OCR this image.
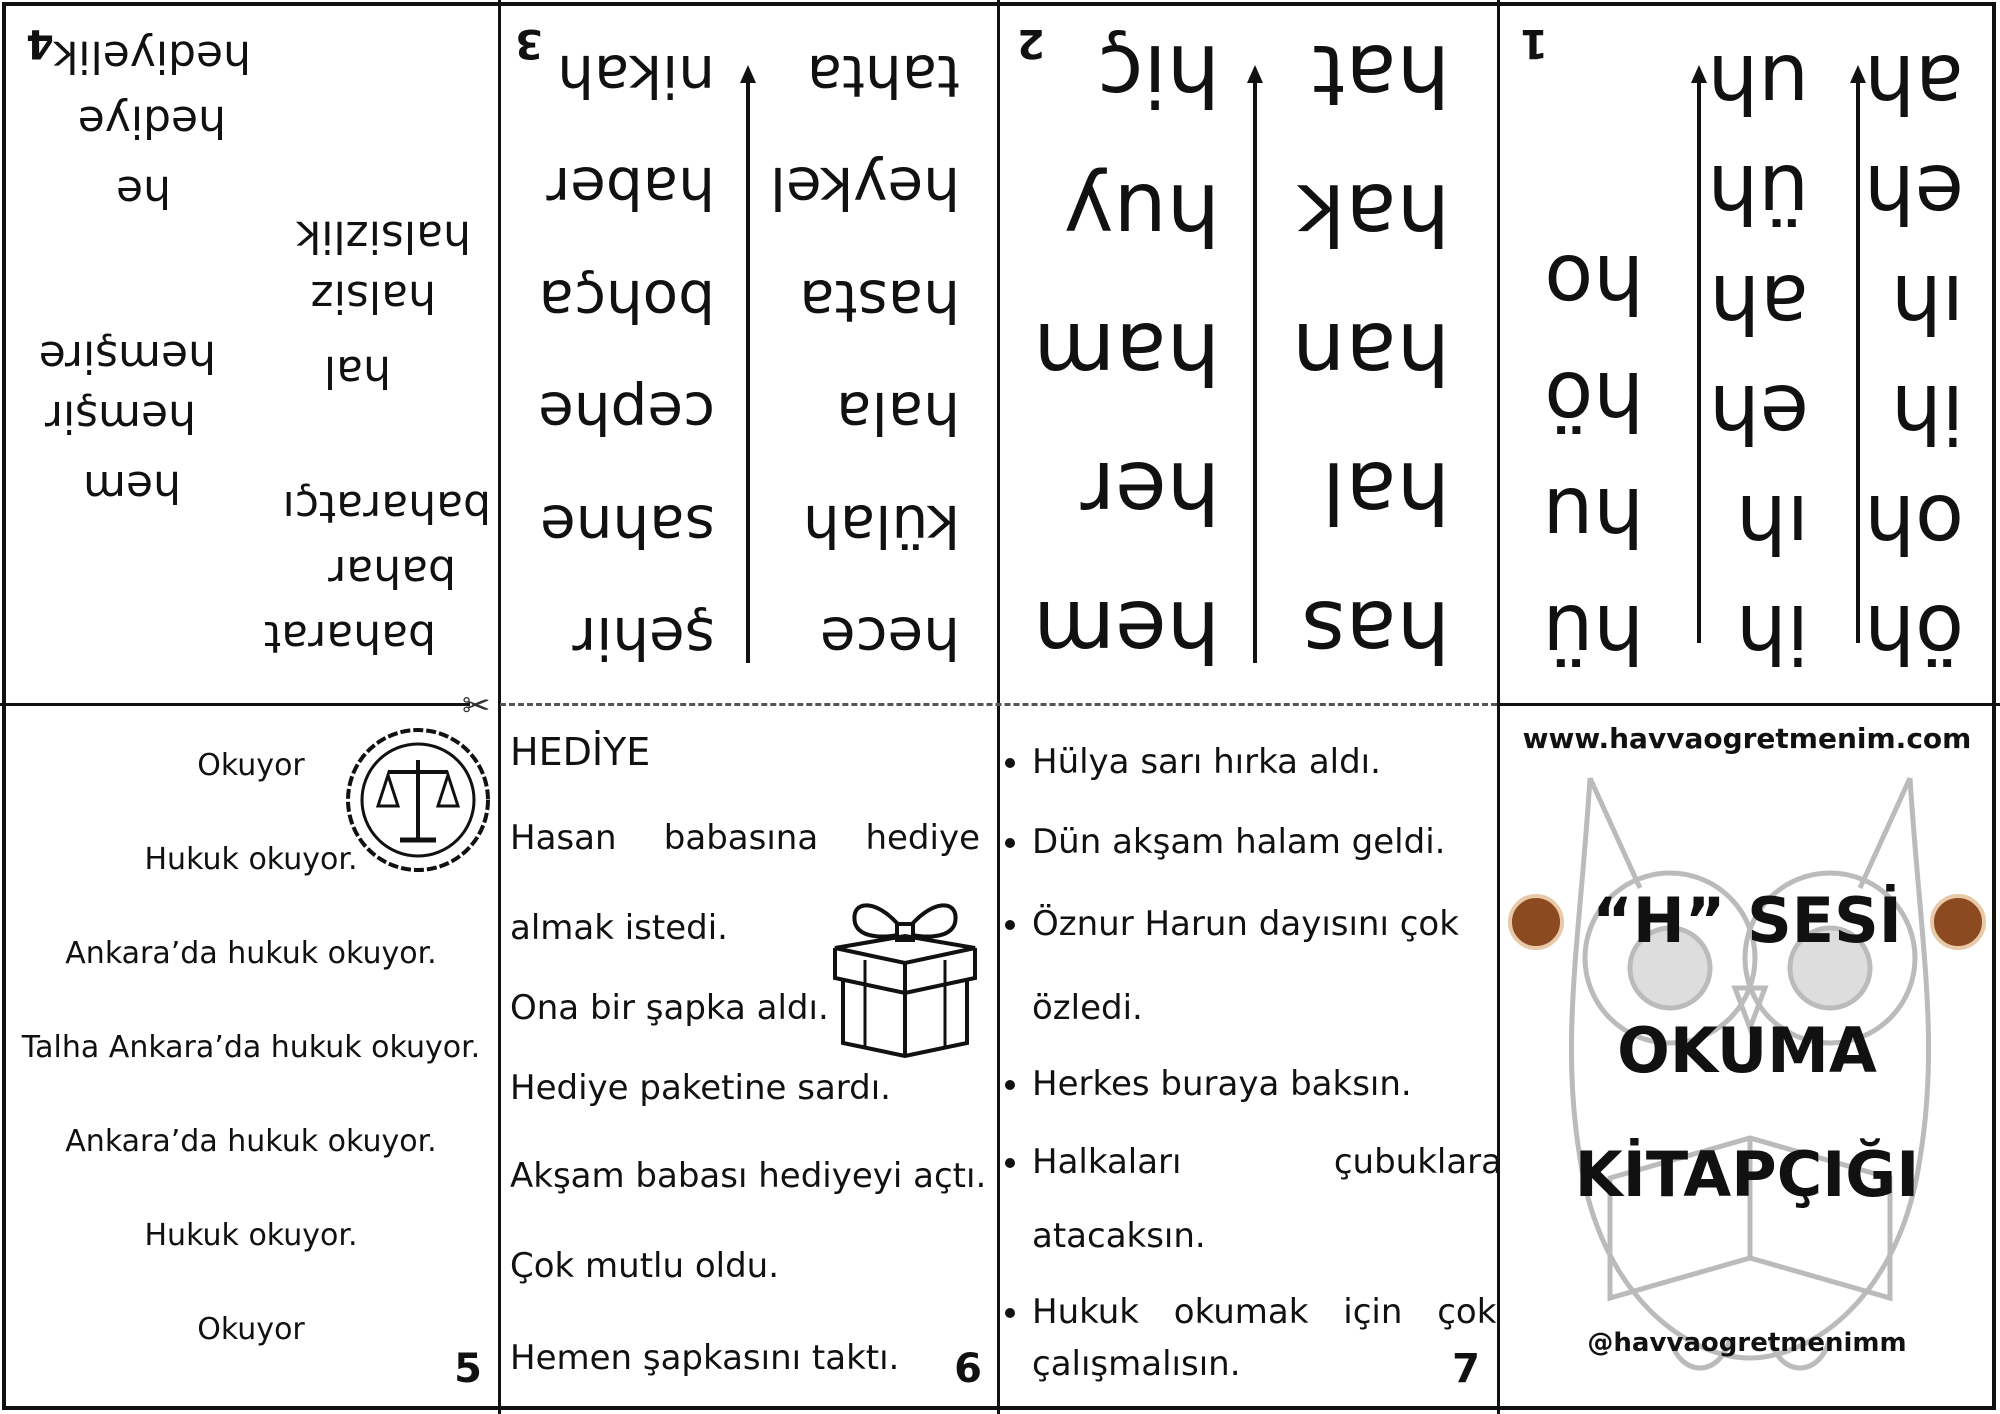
✂
1
öh
oh
ih
ıh
eh
ah
ih
ıh
eh
ah
üh
uh
hü
hu
hö
ho
2
has
hal
han
hak
hat
hem
her
ham
huy
hiç
3
hece
külah
hala
hasta
heykel
tahta
şehir
sahne
cephe
bohça
haber
nikah
4 hediyelik
hediye
he
halsizlik
halsiz
hal
hemşire
hemşir
hem
bahar
baharat
baharatçı
Okuyor
Hukuk okuyor.
Ankara’da hukuk okuyor.
Talha Ankara’da hukuk okuyor.
Ankara’da hukuk okuyor.
Hukuk okuyor.
Okuyor
5
HEDİYE
Hasan babasına hediye
almak istedi.
Ona bir şapka aldı.
Hediye paketine sardı.
Akşam babası hediyeyi açtı.
Çok mutlu oldu.
Hemen şapkasını taktı. 6
• Hülya sarı hırka aldı.
• Dün akşam halam geldi.
• Öznur Harun dayısını çok
özledi.
• Herkes buraya baksın.
• Halkaları	çubuklara
atacaksın.
• Hukuk okumak için çok
çalışmalısın.	7
www.havvaogretmenim.com
“H” SESİ
OKUMA
KİTAPÇIĞI
@havvaogretmenimm
